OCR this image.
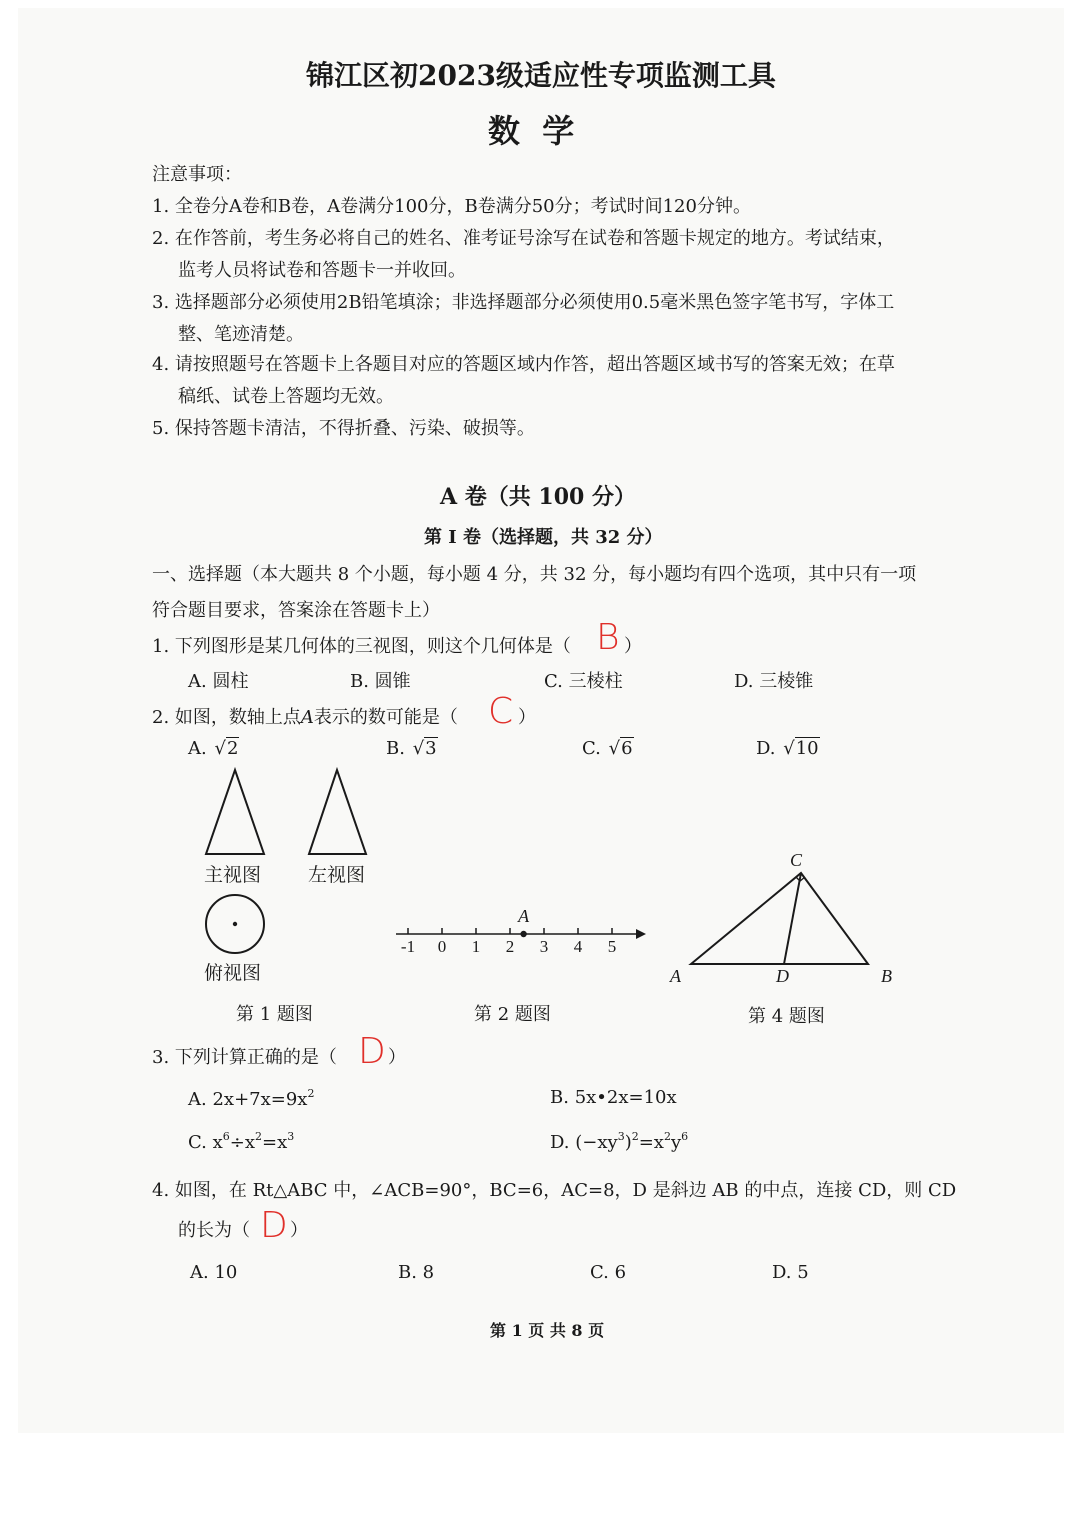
锦江区初2023级适应性专项监测工具
数  学
注意事项：
1. 全卷分A卷和B卷，A卷满分100分，B卷满分50分；考试时间120分钟。
2. 在作答前，考生务必将自己的姓名、准考证号涂写在试卷和答题卡规定的地方。考试结束，
监考人员将试卷和答题卡一并收回。
3. 选择题部分必须使用2B铅笔填涂；非选择题部分必须使用0.5毫米黑色签字笔书写，字体工
整、笔迹清楚。
4. 请按照题号在答题卡上各题目对应的答题区域内作答，超出答题区域书写的答案无效；在草
稿纸、试卷上答题均无效。
5. 保持答题卡清洁，不得折叠、污染、破损等。
A 卷（共 100 分）
第 I 卷（选择题，共 32 分）
一、选择题（本大题共 8 个小题，每小题 4 分，共 32 分，每小题均有四个选项，其中只有一项
符合题目要求，答案涂在答题卡上）
1. 下列图形是某几何体的三视图，则这个几何体是（ B ）
A. 圆柱	B. 圆锥	C. 三棱柱	D. 三棱锥
2. 如图，数轴上点A表示的数可能是（ C ）
A. √2	B. √3	C. √6	D. √10
主视图 左视图
俯视图
第 1 题图
-1 0 1 2 3 4 5
A
第 2 题图
C
A	D	B
第 4 题图
3. 下列计算正确的是（ D ）
A. $2x+7x=9x^2$	B. 5x•2x=10x
C. $x^6\div x^2=x^3$	D. $(-xy^3)^2=x^2y^6$
4. 如图，在 Rt△ABC 中，∠ACB=90°，BC=6，AC=8，D 是斜边 AB 的中点，连接 CD，则 CD
的长为（ D ）
A. 10	B. 8	C. 6	D. 5
第 1 页 共 8 页
